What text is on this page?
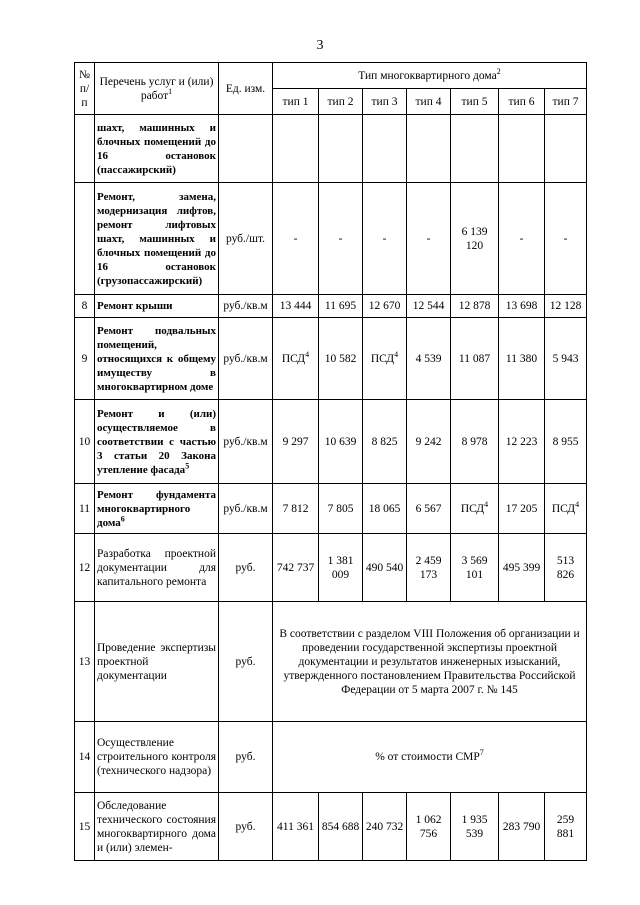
3
№ п/п	Перечень услуг и (или) работ$^1$	Ед. изм.	Тип многоквартирного дома$^2$
			тип 1	тип 2	тип 3	тип 4	тип 5	тип 6	тип 7
	шахт, машинных и блочных помещений до 16 остановок (пассажирский)								
	Ремонт, замена, модернизация лифтов, ремонт лифтовых шахт, машинных и блочных помещений до 16 остановок (грузопассажирский)	руб./шт.	-	-	-	-	6 139 120	-	-
8	Ремонт крыши	руб./кв.м	13 444	11 695	12 670	12 544	12 878	13 698	12 128
9	Ремонт подвальных помещений, относящихся к общему имуществу в многоквартирном доме	руб./кв.м	ПСД$^4$	10 582	ПСД$^4$	4 539	11 087	11 380	5 943
10	Ремонт и (или) осуществляемое в соответствии с частью 3 статьи 20 Закона утепление фасада$^5$	руб./кв.м	9 297	10 639	8 825	9 242	8 978	12 223	8 955
11	Ремонт фундамента многоквартирного дома$^6$	руб./кв.м	7 812	7 805	18 065	6 567	ПСД$^4$	17 205	ПСД$^4$
12	Разработка проектной документации для капитального ремонта	руб.	742 737	1 381 009	490 540	2 459 173	3 569 101	495 399	513 826
13	Проведение экспертизы проектной документации	руб.	В соответствии с разделом VIII Положения об организации и проведении государственной экспертизы проектной документации и результатов инженерных изысканий, утвержденного постановлением Правительства Российской Федерации от 5 марта 2007 г. № 145						
14	Осуществление строительного контроля (технического надзора)	руб.	% от стоимости СМР$^7$
15	Обследование технического состояния многоквартирного дома и (или) элемен-	руб.	411 361	854 688	240 732	1 062 756	1 935 539	283 790	259 881
